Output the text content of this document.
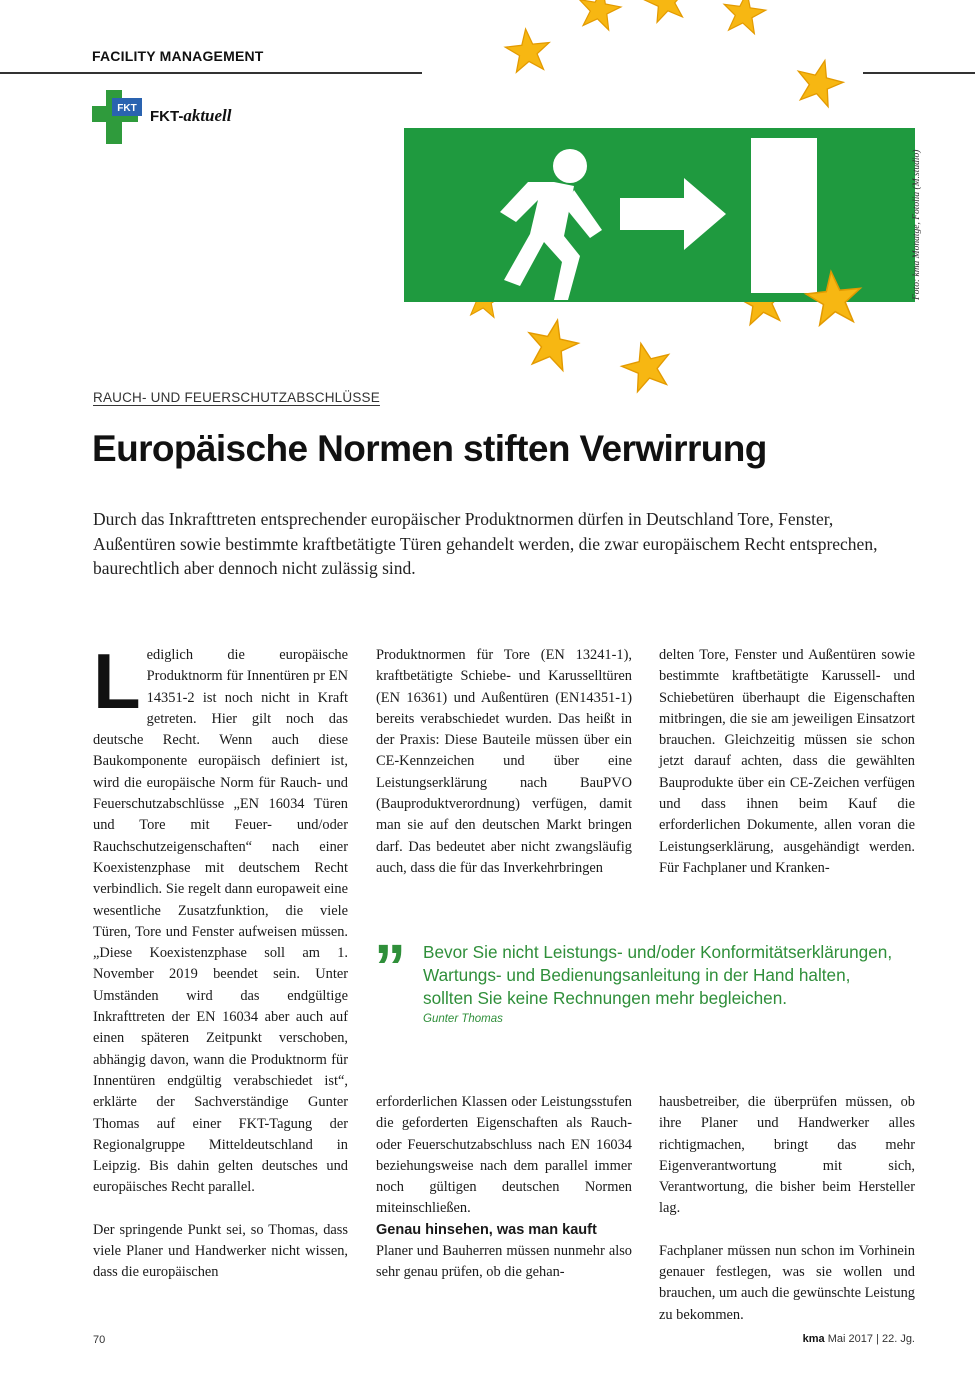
FACILITY MANAGEMENT
FKT FKT-aktuell
Foto: kma Monatge, Fotolia (M.studio)
RAUCH- UND FEUERSCHUTZABSCHLÜSSE
Europäische Normen stiften Verwirrung

Durch das Inkrafttreten entsprechender europäischer Produktnormen dürfen in Deutschland Tore, Fenster, Außentüren sowie bestimmte kraftbetätigte Türen gehandelt werden, die zwar europäischem Recht entsprechen, baurechtlich aber dennoch nicht zulässig sind.

Lediglich die europäische Produktnorm für Innentüren pr EN 14351-2 ist noch nicht in Kraft getreten. Hier gilt noch das deutsche Recht. Wenn auch diese Baukomponente europäisch definiert ist, wird die europäische Norm für Rauch- und Feuerschutzabschlüsse „EN 16034 Türen und Tore mit Feuer- und/oder Rauchschutzeigenschaften“ nach einer Koexistenzphase mit deutschem Recht verbindlich. Sie regelt dann europaweit eine wesentliche Zusatzfunktion, die viele Türen, Tore und Fenster aufweisen müssen. „Diese Koexistenzphase soll am 1. November 2019 beendet sein. Unter Umständen wird das endgültige Inkrafttreten der EN 16034 aber auch auf einen späteren Zeitpunkt verschoben, abhängig davon, wann die Produktnorm für Innentüren endgültig verabschiedet ist“, erklärte der Sachverständige Gunter Thomas auf einer FKT-Tagung der Regionalgruppe Mitteldeutschland in Leipzig. Bis dahin gelten deutsches und europäisches Recht parallel.

Der springende Punkt sei, so Thomas, dass viele Planer und Handwerker nicht wissen, dass die europäischen

Produktnormen für Tore (EN 13241-1), kraftbetätigte Schiebe- und Karusselltüren (EN 16361) und Außentüren (EN14351-1) bereits verabschiedet wurden. Das heißt in der Praxis: Diese Bauteile müssen über ein CE-Kennzeichen und über eine Leistungserklärung nach BauPVO (Bauproduktverordnung) verfügen, damit man sie auf den deutschen Markt bringen darf. Das bedeutet aber nicht zwangsläufig auch, dass die für das Inverkehrbringen

delten Tore, Fenster und Außentüren sowie bestimmte kraftbetätigte Karussell- und Schiebetüren überhaupt die Eigenschaften mitbringen, die sie am jeweiligen Einsatzort brauchen. Gleichzeitig müssen sie schon jetzt darauf achten, dass die gewählten Bauprodukte über ein CE-Zeichen verfügen und dass ihnen beim Kauf die erforderlichen Dokumente, allen voran die Leistungserklärung, ausgehändigt werden. Für Fachplaner und Kranken-

” Bevor Sie nicht Leistungs- und/oder Konformitätserklärungen, Wartungs- und Bedienungsanleitung in der Hand halten, sollten Sie keine Rechnungen mehr begleichen.

Gunter Thomas

erforderlichen Klassen oder Leistungsstufen die geforderten Eigenschaften als Rauch- oder Feuerschutzabschluss nach EN 16034 beziehungsweise nach dem parallel immer noch gültigen deutschen Normen miteinschließen.

Genau hinsehen, was man kauft

Planer und Bauherren müssen nunmehr also sehr genau prüfen, ob die gehan-

hausbetreiber, die überprüfen müssen, ob ihre Planer und Handwerker alles richtigmachen, bringt das mehr Eigenverantwortung mit sich, Verantwortung, die bisher beim Hersteller lag.

Fachplaner müssen nun schon im Vorhinein genauer festlegen, was sie wollen und brauchen, um auch die gewünschte Leistung zu bekommen.

70	kma Mai 2017 | 22. Jg.
